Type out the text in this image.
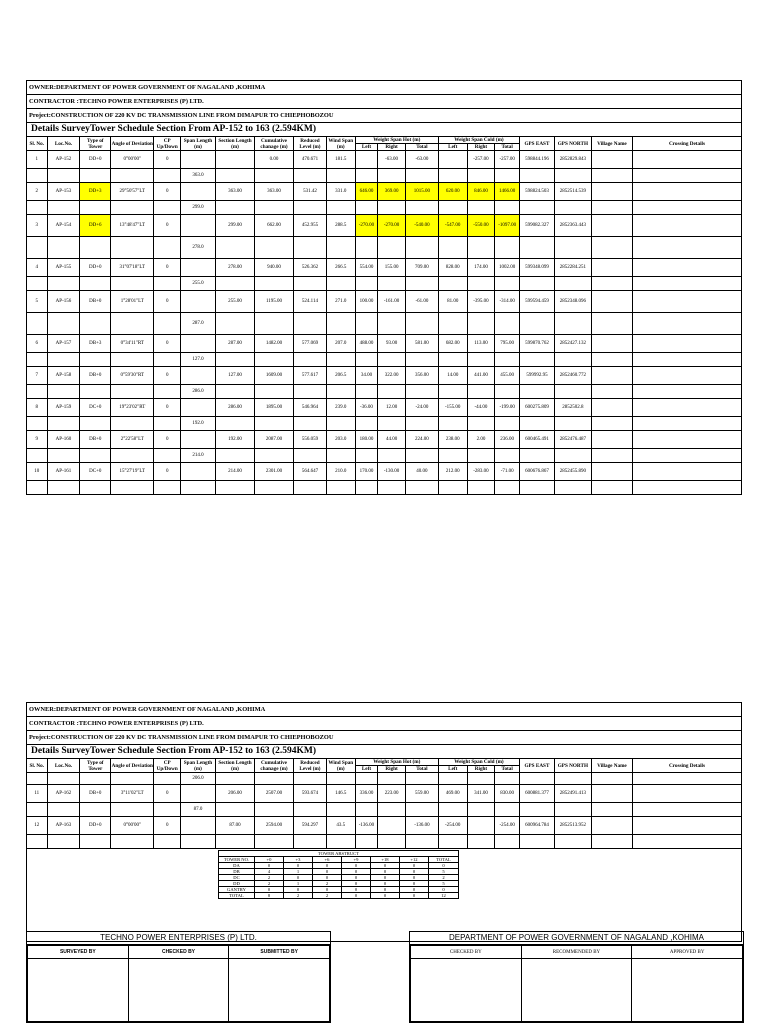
OWNER:DEPARTMENT OF POWER GOVERNMENT OF NAGALAND ,KOHIMA
CONTRACTOR :TECHNO POWER ENTERPRISES (P) LTD.
Project:CONSTRUCTION OF 220 KV DC TRANSMISSION LINE FROM DIMAPUR TO CHIEPHOBOZOU
Details SurveyTower Schedule Section From AP-152 to 163 (2.594KM)
Sl. No.	Loc.No.	Type of Tower	Angle of Deviation	CP Up/Down	Span Length (m)	Section Length (m)	Cumulative chanage (m)	Reduced Level (m)	Wind Span (m)	Weight Span Hot (m)			Weight Span Cold (m)			GPS EAST	GPS NORTH	Village Name	Crossing Details
										Left	Right	Total	Left	Right	Total				
1	AP-152	DD+0	0°00'00"	0			0.00	470.671	181.5		-63.00	-63.00		-257.00	-257.00	598844.196	2852829.843		
					363.0														
2	AP-153	DD+3	29°50'57"LT	0		363.00	363.00	531.42	331.0	646.00	369.00	1015.00	620.00	846.00	1466.00	598824.503	2852514.539		
					299.0														
3	AP-154	DD+6	13°48'47"LT	0		299.00	662.00	452.955	288.5	-270.00	-270.00	-540.00	-547.00	-550.00	-1097.00	599082.327	2852363.443		
					278.0														
4	AP-155	DD+0	31°07'18"LT	0		278.00	940.00	526.362	266.5	554.00	155.00	709.00	828.00	174.00	1002.00	599348.099	2852284.251		
					255.0														
5	AP-156	DB+0	1°28'01"LT	0		255.00	1195.00	524.114	271.0	100.00	-161.00	-61.00	81.00	-395.00	-314.00	599594.459	2852348.096		
					287.0														
6	AP-157	DB+3	0°34'11"RT	0		287.00	1482.00	577.069	207.0	488.00	93.00	581.00	682.00	113.00	795.00	599870.762	2852427.132		
					127.0														
7	AP-158	DB+0	0°59'30"RT	0		127.00	1609.00	577.617	206.5	34.00	322.00	356.00	14.00	441.00	455.00	599992.95	2852460.772		
					286.0														
8	AP-159	DC+0	19°23'02"RT	0		286.00	1895.00	546.964	239.0	-36.00	12.00	-24.00	-155.00	-44.00	-199.00	600275.809	2852502.8		
					192.0														
9	AP-160	DB+0	2°22'58"LT	0		192.00	2087.00	556.059	203.0	180.00	44.00	224.00	238.00	2.00	236.00	600465.491	2852476.487		
					214.0														
10	AP-161	DC+0	15°27'19"LT	0		214.00	2301.00	564.647	210.0	170.00	-130.00	40.00	212.00	-283.00	-71.00	600676.867	2852455.890		

OWNER:DEPARTMENT OF POWER GOVERNMENT OF NAGALAND ,KOHIMA
CONTRACTOR :TECHNO POWER ENTERPRISES (P) LTD.
Project:CONSTRUCTION OF 220 KV DC TRANSMISSION LINE FROM DIMAPUR TO CHIEPHOBOZOU
Details SurveyTower Schedule Section From AP-152 to 163 (2.594KM)
Sl. No.	Loc.No.	Type of Tower	Angle of Deviation	CP Up/Down	Span Length (m)	Section Length (m)	Cumulative chanage (m)	Reduced Level (m)	Wind Span (m)	Weight Span Hot (m)			Weight Span Cold (m)			GPS EAST	GPS NORTH	Village Name	Crossing Details
										Left	Right	Total	Left	Right	Total				
					206.0														
11	AP-162	DB+0	3°11'02"LT	0		206.00	2507.00	593.674	146.5	336.00	223.00	559.00	469.00	341.00	830.00	600881.377	2852491.413		
					87.0														
12	AP-163	DD+0	0°00'00"	0		87.00	2594.00	594.297	43.5	-136.00		-136.00	-254.00		-254.00	600964.784	2852513.952		

TOWER ABSTRUCT							
TOWER NO.	+0	+3	+6	+9	+18	+12	TOTAL
DA	0	0	0	0	0	0	0
DB	4	1	0	0	0	0	5
DC	2	0	0	0	0	0	2
DD	2	1	2	0	0	0	5
GANTRY	0	0	0	0	0	0	0
TOTAL	8	2	2	0	0	0	12
TECHNO POWER ENTERPRISES (P) LTD.
SURVEYED BY	CHECKED BY	SUBMITTED BY

DEPARTMENT OF POWER GOVERNMENT OF NAGALAND ,KOHIMA
CHECKED BY	RECOMMENDED BY	APPROVED BY
